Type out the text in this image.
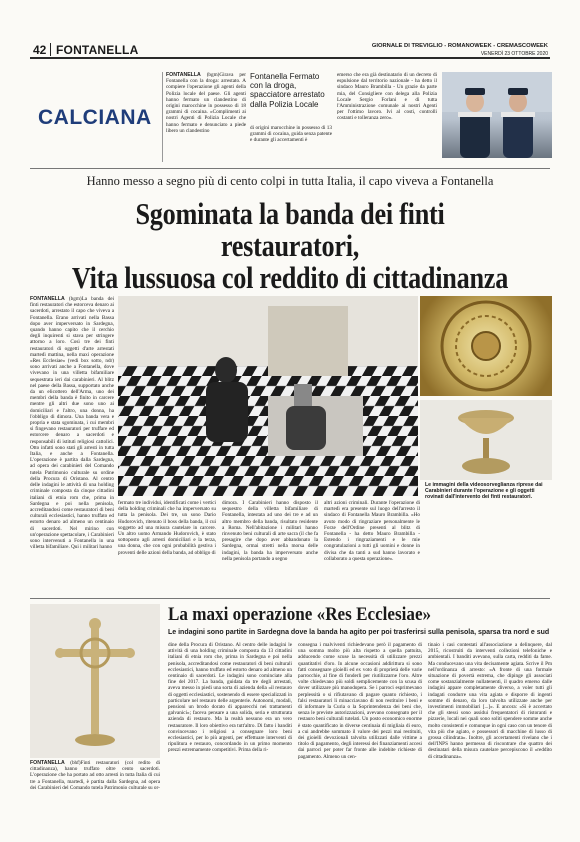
42 FONTANELLA	GIORNALE DI TREVIGLIO - ROMANOWEEK - CREMASCOWEEK
VENERDÌ 23 OTTOBRE 2020
CALCIANA
FONTANELLA (bgm)Girava per Fontanella con la droga: arrestato. A compiere l'operazione gli agenti della Polizia locale del paese. Gli agenti hanno fermato un clandestino di origini marocchine in possesso di 18 grammi di cocaina. «Complimenti ai nostri Agenti di Polizia Locale che hanno fermato e denunciato a piede libero un clandestino
Fontanella Fermato con la droga, spacciatore arrestato dalla Polizia Locale
di origini marocchine in possesso di 13 grammi di cocaina, guida senza patente e durante gli accertamenti è
emerso che era già destinatario di un decreto di espulsione dal territorio nazionale - ha detto il sindaco Mauro Brambilla - Un grazie da parte mia, del Consigliere con delega alla Polizia Locale Sergio Forlani e di tutta l'Amministrazione comunale ai nostri Agenti per l'ottimo lavoro. Ivi al costi, controlli costanti e tolleranza zero».
Hanno messo a segno più di cento colpi in tutta Italia, il capo viveva a Fontanella
Sgominata la banda dei finti restauratori,
Vita lussuosa col reddito di cittadinanza
FONTANELLA (bgm)La banda dei finti restauratori che estorceva denaro ai sacerdoti, arrestato il capo che viveva a Fontanella. Erano arrivati nella Bassa dopo aver imperversato in Sardegna, quando hanno capito che il cerchio degli inquirenti si stava per stringere attorno a loro. Così tre dei finti restauratori di oggetti d'arte arrestati martedì mattina, nella maxi operazione «Res Ecclesiae» (vedi box sotto, ndr) sono arrivati anche a Fontanella, dove vivevano in una villetta bifamiliare sequestrata ieri dai carabinieri. Al blitz nel paese della Bassa, supportato anche da un elicottero dell'Arma, uno dei membri della banda è finito in carcere mentre gli altri due sono uno ai domiciliari e l'altro, una donna, ha l'obbligo di dimora. Una banda vera e propria e stata sgominata, i cui membri si fingevano restauratori per truffare ed estorcere denaro a sacerdoti e responsabili di istituti religiosi cattolici. Otto infatti sono stati gli arresti in tutta Italia, e anche a Fontanella. L'operazione è partita dalla Sardegna, ad opera dei carabinieri del Comando tutela Patrimonio culturale su ordine della Procura di Oristano. Al centro delle indagini le attività di una holding criminale composta da cinque cittadini italiani di etnia rom che, prima in Sardegna e poi nella penisola, accreditandosi come restauratori di beni culturali ecclesiastici, hanno truffato ed estorto denaro ad almeno un centinaio di sacerdoti. Nel mirino con un'operazione spettacolare, i Carabinieri sono intervenuti a Fontanella in una villetta bifamiliare. Qui i militari hanno
Le immagini della videosorveglianza riprese dai Carabinieri durante l'operazione e gli oggetti rovinati dall'intervento dei finti restauratori.
fermato tre individui, identificati come i vertici della holding criminali che ha imperversato su tutta la penisola. Dei tre, un sono Dario Hudorovich, ritenuto il boss della banda, il cui soggetto ad una misura cautelare in carcere. Un altro uomo Armando Hudorovich, è stato sottoposto agli arresti domiciliari e la terza, una donna, che con ogni probabilità gestiva i proventi delle azioni della banda, ad obbligo di
dimora. I Carabinieri hanno disposto il sequestro della villetta bifamiliare di Fontanella, intestata ad uno dei tre e ad un altro membro della banda, risultato residente a Roma. Nell'abitazione i militari hanno rinvenuto beni culturali di arte sacra (il che fa presagire che dopo aver abbandonato la Sardegna, ormai stretti nella morsa delle indagini, la banda ha imperversato anche nella penisola portando a segno
altri azioni criminali. Durante l'operazione di martedì era presente sul luogo dell'arresto il sindaco di Fontanella Mauro Brambilla. «Ho avuto modo di ringraziare personalmente le Forze dell'Ordine presenti al blitz di Fontanella - ha detto Mauro Brambilla - Estendo i ringraziamenti e le mie congratulazioni a tutti gli uomini e donne in divisa che da tanti a sud hanno lavorato e collaborato a questa operazione».
FONTANELLA (bhf)Finti restauratori (col redito di cittadinanza), hanno truffato oltre cento sacerdoti. L'operazione che ha portato ad otto arresti in tutta Italia di cui tre a Fontanella, martedì, è partita dalla Sardegna, ad opera dei Carabinieri del Comando tutela Patrimonio culturale su or-
La maxi operazione «Res Ecclesiae»
Le indagini sono partite in Sardegna dove la banda ha agito per poi trasferirsi sulla penisola, sparsa tra nord e sud
dine della Procura di Oristano. Al centro delle indagini le attività di una holding criminale composta da 13 cittadini italiani di etnia rom che, prima in Sardegna e poi nella penisola, accreditandosi come restauratori di beni culturali ecclesiastici, hanno truffato ed estorto denaro ad almeno un centinaio di sacerdoti. Le indagini sono cominciate alla fine del 2017. La banda, guidata da tre degli arrestati, aveva messo in piedi una sorta di azienda della «il restauro di oggetti ecclesiastici, sostenendo di essere specializzati in particolare nel restauro delle argenterie. Autonomi, modali, pensioni un brodo dorato di apparecchi nei trattamenti galvanici»; faceva pensare a una solida, seria e strutturata azienda di restauro. Ma la realtà nessuno era un vero restauratore. Il loro obiettivo era tutt'altro. Di fatto i banditi convincevano i religiosi a consegnare loro beni ecclesiastici, per lo più argenti, per effettuare interventi di ripulitura e restauro, concordando in un primo momento prezzi estremamente competitivi. Prima della ri-
consegna i malviventi richiedevano però il pagamento di una somma molto più alta rispetto a quella pattuita, adducendo come scuse la necessità di utilizzare prezzi quantitativi d'oro. In alcune occasioni addirittura si sono fatti consegnare gioielli ed ex voto di proprietà delle varie parrocchie, al fine di fonderli per riutilizzarne l'oro. Altre volte chiedevano più soldi semplicemente con la scusa di dover utilizzare più manodopera. Se i parroci esprimevano perplessità o si rifiutavano di pagare quanto richiesto, i falsi restauratori li minacciavano di non restituire i beni e di informare la Curia o la Soprintendenza dei beni che, senza le previste autorizzazioni, avevano consegnato per il restauro beni culturali tutelati. Un posto economico enorme è stato quantificato in diverse centinaia di migliaia di euro, a cui andrebbe sommato il valore dei pezzi mai restituiti, dei gioielli devozionali talvolta utilizzati dalle vittime a titolo di pagamento, degli interessi dei finanziamenti accesi dai parroci per poter far fronte alle indebite richieste di pagamento. Almeno un cen-
tinaio i casi contestati all'associazione a delinquere, dal 2015, ricostruiti da interventi collezioni telefoniche e ambientali. I banditi avevano, sulla carta, redditi da fame. Ma conducevano una vita decisamente agiata. Scrive il Pm nell'ordinanza di arresto: «A fronte di una formale situazione di povertà estrema, che dipinge gli associati come sostanzialmente nullatenenti, il quadro emerso dalle indagini appare completamente diverso, a voler tutti gli indagati condurre una vita agiata e disporre di ingenti somme di denaro, da loro talvolta utilizzate anche per investimenti immobiliari [...]». E ancora: «Si è accertato che gli stessi sono assidui frequentatori di ristoranti e pizzerie, locali nei quali sono soliti spendere somme anche molto consistenti e comunque in ogni caso con un tenore di vita più che agiato, e possessori di macchine di lusso di grossa cilindrata». Inoltre, gli accertamenti rivelano che i dell'INPS hanno permesso di riscontrare che quattro dei destinatari della misura cautelare percepiscono il «reddito di cittadinanza».
